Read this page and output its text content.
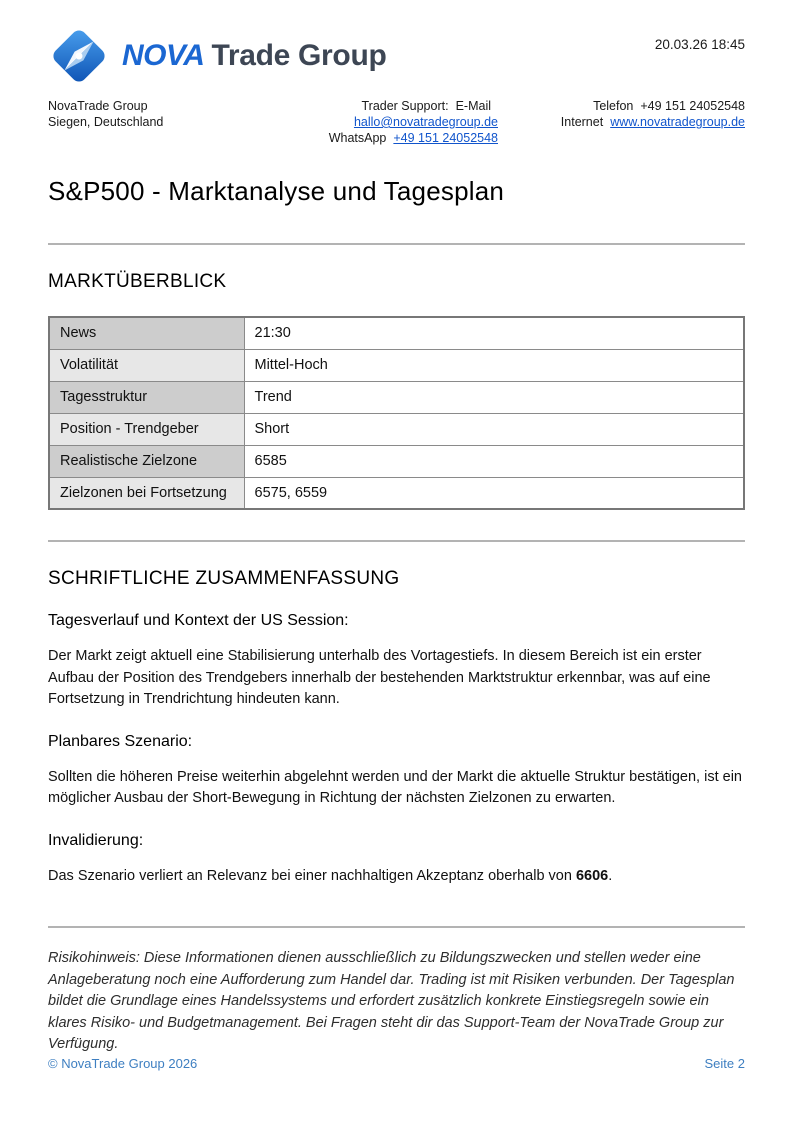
NOVA Trade Group	20.03.26 18:45
NovaTrade Group
Siegen, Deutschland
Trader Support: E-Mailhallo@novatradegroup.de
WhatsApp +49 151 24052548
Telefon +49 151 24052548
Internet www.novatradegroup.de
S&P500 - Marktanalyse und Tagesplan
MARKTÜBERBLICK
News	21:30
Volatilität	Mittel-Hoch
Tagesstruktur	Trend
Position - Trendgeber	Short
Realistische Zielzone	6585
Zielzonen bei Fortsetzung	6575, 6559
SCHRIFTLICHE ZUSAMMENFASSUNG
Tagesverlauf und Kontext der US Session:

Der Markt zeigt aktuell eine Stabilisierung unterhalb des Vortagestiefs. In diesem Bereich ist ein erster Aufbau der Position des Trendgebers innerhalb der bestehenden Marktstruktur erkennbar, was auf eine Fortsetzung in Trendrichtung hindeuten kann.

Planbares Szenario:

Sollten die höheren Preise weiterhin abgelehnt werden und der Markt die aktuelle Struktur bestätigen, ist ein möglicher Ausbau der Short-Bewegung in Richtung der nächsten Zielzonen zu erwarten.

Invalidierung:

Das Szenario verliert an Relevanz bei einer nachhaltigen Akzeptanz oberhalb von 6606.

Risikohinweis: Diese Informationen dienen ausschließlich zu Bildungszwecken und stellen weder eine Anlageberatung noch eine Aufforderung zum Handel dar. Trading ist mit Risiken verbunden. Der Tagesplan bildet die Grundlage eines Handelssystems und erfordert zusätzlich konkrete Einstiegsregeln sowie ein klares Risiko- und Budgetmanagement. Bei Fragen steht dir das Support-Team der NovaTrade Group zur Verfügung.

© NovaTrade Group 2026	Seite 2
